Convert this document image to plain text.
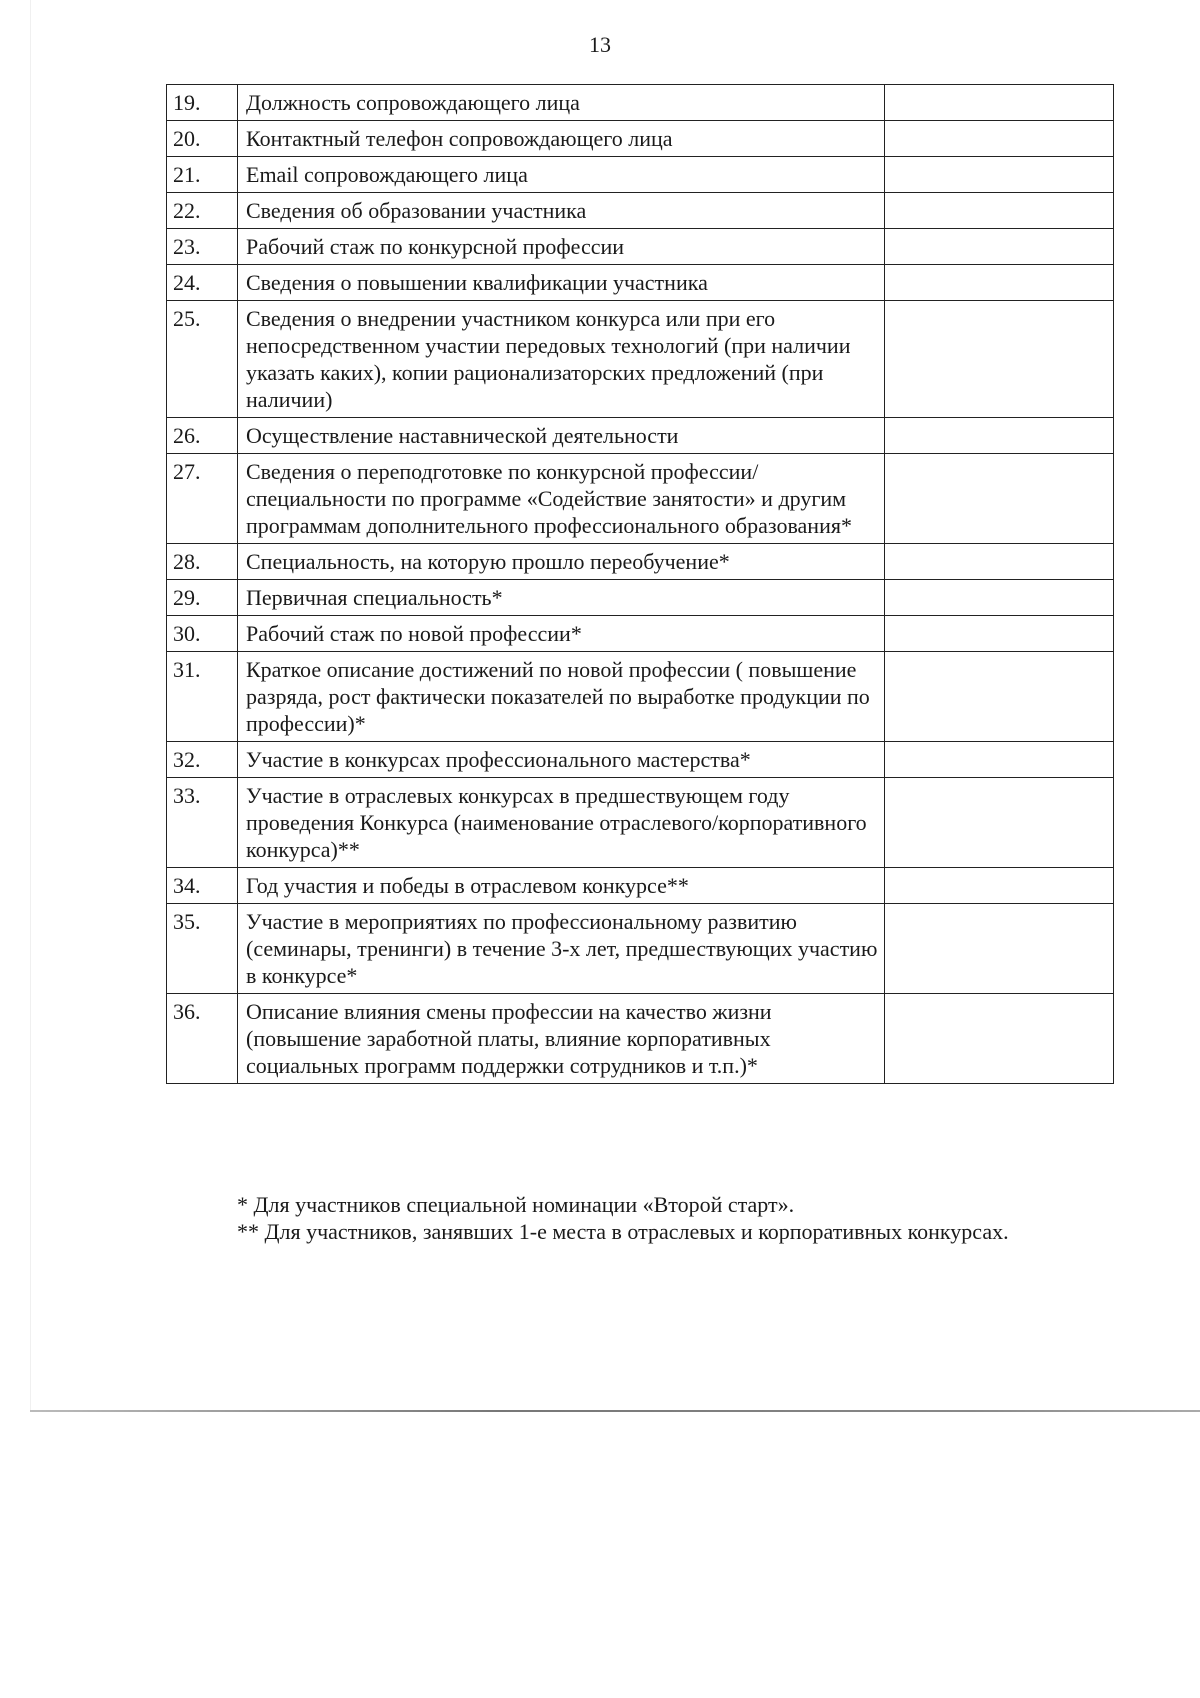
13
19.	Должность сопровождающего лица	
20.	Контактный телефон сопровождающего лица	
21.	Email сопровождающего лица	
22.	Сведения об образовании участника	
23.	Рабочий стаж по конкурсной профессии	
24.	Сведения о повышении квалификации участника	
25.	Сведения о внедрении участником конкурса или при его непосредственном участии передовых технологий (при наличии указать каких), копии рационализаторских предложений (при наличии)	
26.	Осуществление наставнической деятельности	
27.	Сведения о переподготовке по конкурсной профессии/специальности по программе «Содействие занятости» и другим программам дополнительного профессионального образования*	
28.	Специальность, на которую прошло переобучение*	
29.	Первичная специальность*	
30.	Рабочий стаж по новой профессии*	
31.	Краткое описание достижений по новой профессии ( повышение разряда, рост фактически показателей по выработке продукции по профессии)*	
32.	Участие в конкурсах профессионального мастерства*	
33.	Участие в отраслевых конкурсах в предшествующем году проведения Конкурса (наименование отраслевого/корпоративного конкурса)**	
34.	Год участия и победы в отраслевом конкурсе**	
35.	Участие в мероприятиях по профессиональному развитию (семинары, тренинги) в течение 3-х лет, предшествующих участию в конкурсе*	
36.	Описание влияния смены профессии на качество жизни (повышение заработной платы, влияние корпоративных социальных программ поддержки сотрудников и т.п.)*	

* Для участников специальной номинации «Второй старт».

** Для участников, занявших 1-е места в отраслевых и корпоративных конкурсах.
